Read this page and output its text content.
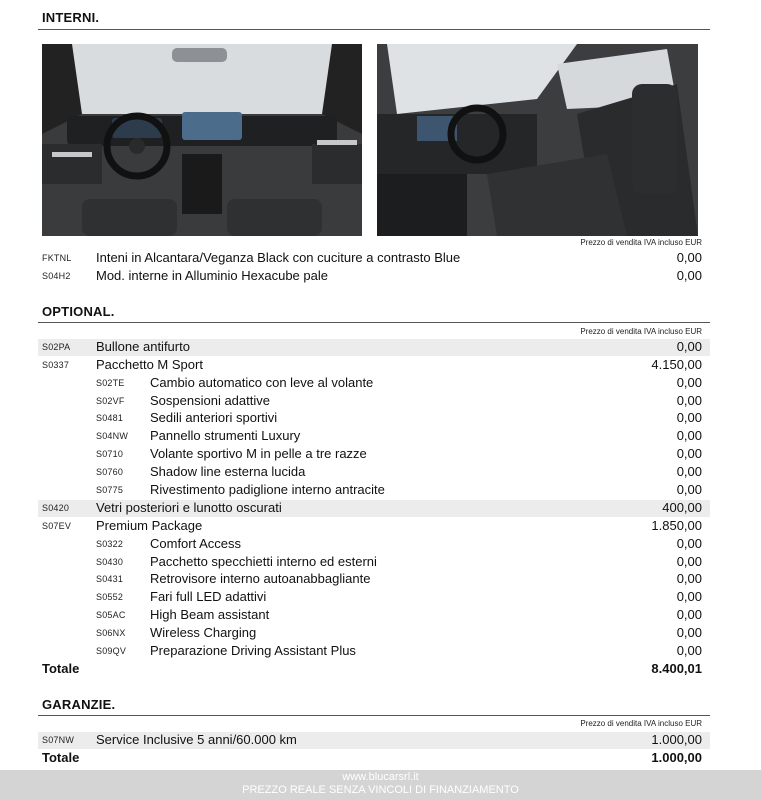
INTERNI.
Prezzo di vendita IVA incluso EUR
FKTNL Inteni in Alcantara/Veganza Black con cuciture a contrasto Blue	0,00
S04H2 Mod. interne in Alluminio Hexacube pale	0,00
OPTIONAL.
Prezzo di vendita IVA incluso EUR
S02PA Bullone antifurto	0,00
S0337 Pacchetto M Sport	4.150,00
S02TE Cambio automatico con leve al volante	0,00
S02VF Sospensioni adattive	0,00
S0481 Sedili anteriori sportivi	0,00
S04NW Pannello strumenti Luxury	0,00
S0710 Volante sportivo M in pelle a tre razze	0,00
S0760 Shadow line esterna lucida	0,00
S0775 Rivestimento padiglione interno antracite	0,00
S0420 Vetri posteriori e lunotto oscurati	400,00
S07EV Premium Package	1.850,00
S0322 Comfort Access	0,00
S0430 Pacchetto specchietti interno ed esterni	0,00
S0431 Retrovisore interno autoanabbagliante	0,00
S0552 Fari full LED adattivi	0,00
S05AC High Beam assistant	0,00
S06NX Wireless Charging	0,00
S09QV Preparazione Driving Assistant Plus	0,00
Totale	8.400,01
GARANZIE.
Prezzo di vendita IVA incluso EUR
S07NW Service Inclusive 5 anni/60.000 km	1.000,00
Totale	1.000,00
www.blucarsrl.it
PREZZO REALE SENZA VINCOLI DI FINANZIAMENTO
